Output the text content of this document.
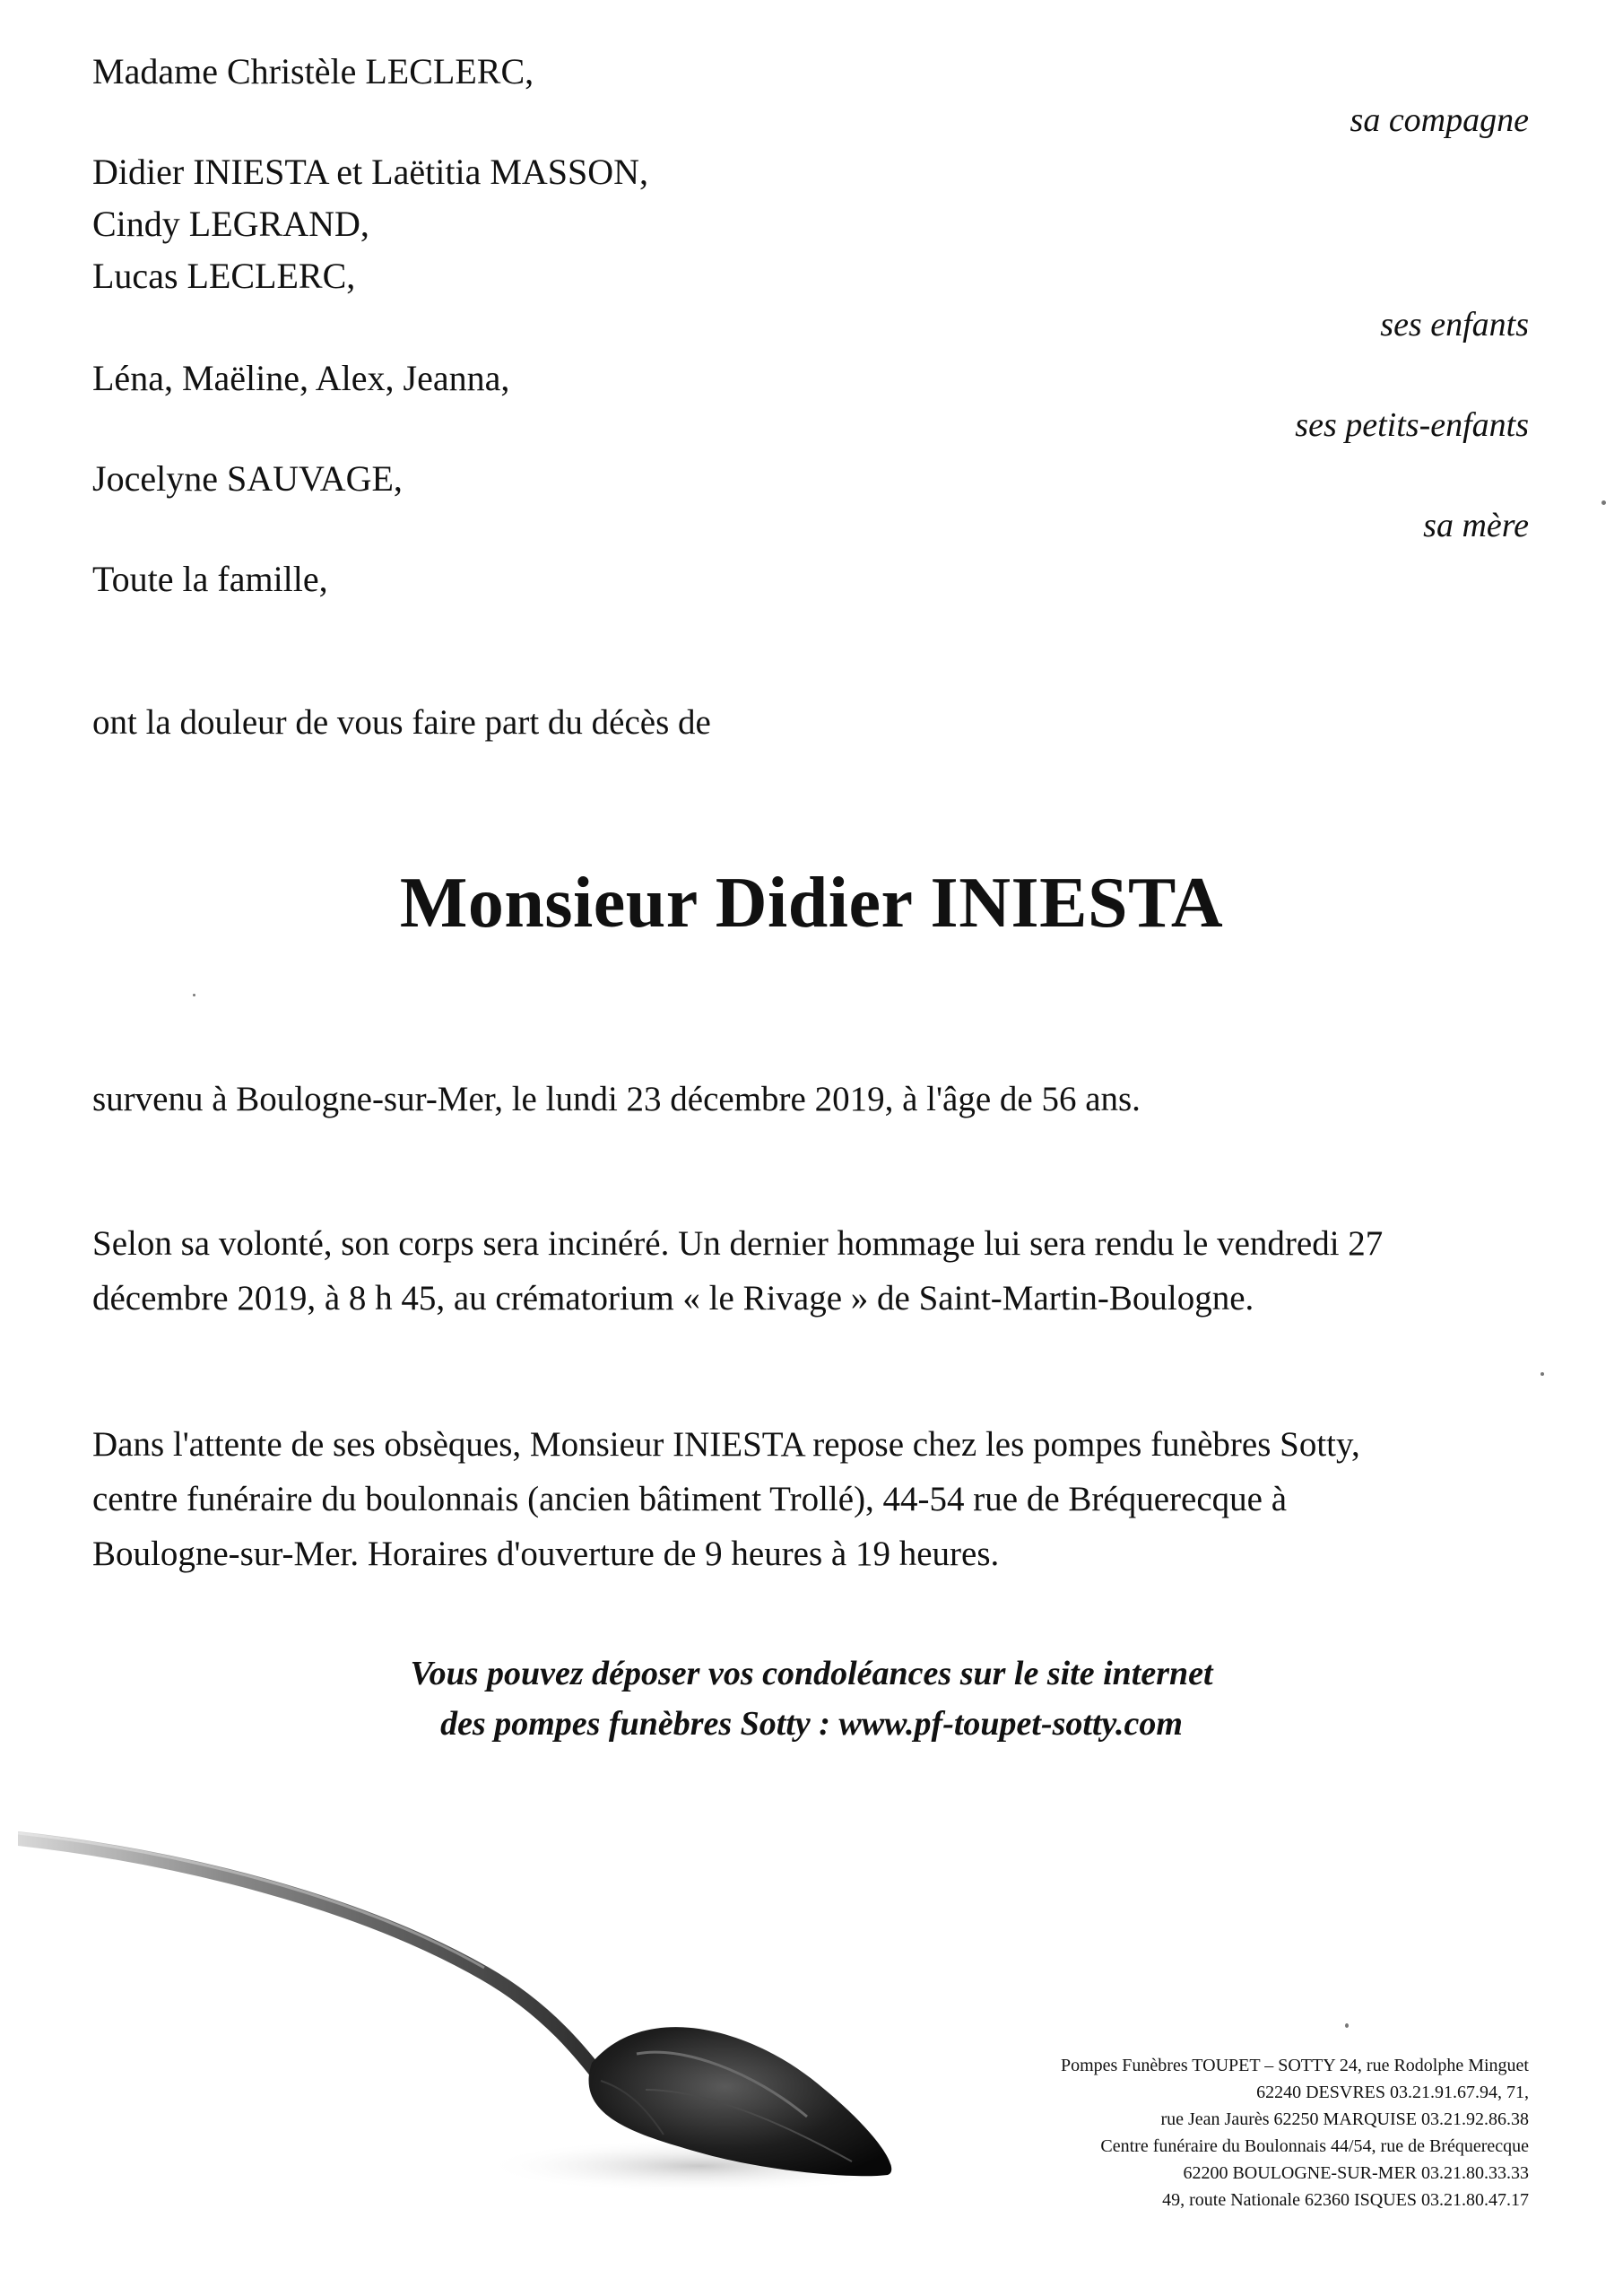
Madame Christèle LECLERC,
sa compagne
Didier INIESTA et Laëtitia MASSON,
Cindy LEGRAND,
Lucas LECLERC,
ses enfants
Léna, Maëline, Alex, Jeanna,
ses petits-enfants
Jocelyne SAUVAGE,
sa mère
Toute la famille,
ont la douleur de vous faire part du décès de
Monsieur Didier INIESTA
survenu à Boulogne-sur-Mer, le lundi 23 décembre 2019, à l'âge de 56 ans.
Selon sa volonté, son corps sera incinéré. Un dernier hommage lui sera rendu le vendredi 27
décembre 2019, à 8 h 45, au crématorium « le Rivage » de Saint-Martin-Boulogne.
Dans l'attente de ses obsèques, Monsieur INIESTA repose chez les pompes funèbres Sotty,
centre funéraire du boulonnais (ancien bâtiment Trollé), 44-54 rue de Bréquerecque à
Boulogne-sur-Mer. Horaires d'ouverture de 9 heures à 19 heures.
Vous pouvez déposer vos condoléances sur le site internet
des pompes funèbres Sotty : www.pf-toupet-sotty.com
Pompes Funèbres TOUPET – SOTTY 24, rue Rodolphe Minguet
62240 DESVRES 03.21.91.67.94, 71,
rue Jean Jaurès 62250 MARQUISE 03.21.92.86.38
Centre funéraire du Boulonnais 44/54, rue de Bréquerecque
62200 BOULOGNE-SUR-MER 03.21.80.33.33
49, route Nationale 62360 ISQUES 03.21.80.47.17
